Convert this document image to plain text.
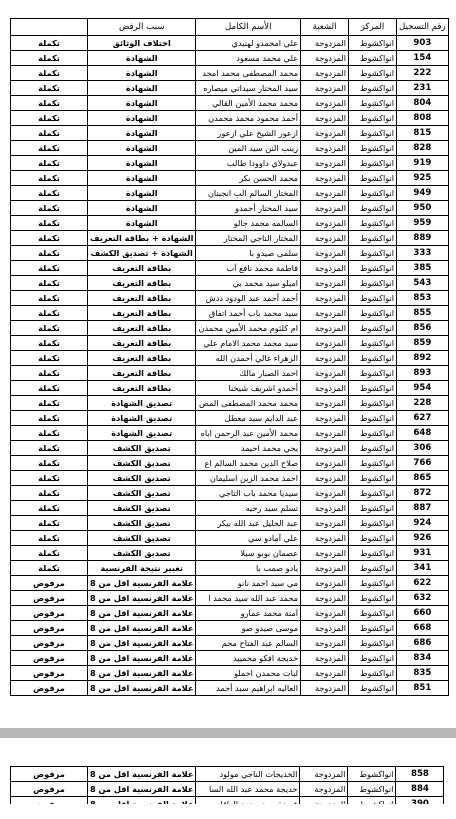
رقم التسجيل	المركز	الشعبة	الأسم الكامل	سبب الرفض	
903	انواكشوط	المزدوجة	علي امحمدو لهنيدي	اختلاف الوثائق	تكملة
154	انواكشوط	المزدوجة	علي محمد مسعود	الشهادة	تكملة
222	انواكشوط	المزدوجة	محمد المصطفى محمد امجد	الشهادة	تكملة
231	انواكشوط	المزدوجة	سيد المختار سيداتي ميصاره	الشهادة	تكملة
804	انواكشوط	المزدوجة	محمد محمد الأمين القالي	الشهادة	تكملة
808	انواكشوط	المزدوجة	أحمد محمود محمد محمدن	الشهادة	تكملة
815	انواكشوط	المزدوجة	ازعور الشيخ علي ازعور	الشهادة	تكملة
828	انواكشوط	المزدوجة	زينب النن سيد المين	الشهادة	تكملة
919	انواكشوط	المزدوجة	عبدولاي داوودا طالب	الشهادة	تكملة
925	انواكشوط	المزدوجة	محمد الحسن بكر	الشهادة	تكملة
949	انواكشوط	المزدوجة	المختار السالم الب انجبنان	الشهادة	تكملة
950	انواكشوط	المزدوجة	سيد المختار أحمدو	الشهادة	تكملة
959	انواكشوط	المزدوجة	السالمه محمد جالو	الشهادة	تكملة
889	انواكشوط	المزدوجة	المختار الناجي المختار	الشهادة + بطاقة التعريف	تكملة
333	انواكشوط	المزدوجة	سلمى صيدو با	الشهادة + تصديق الكشف	تكملة
385	انواكشوط	المزدوجة	فاطمة محمد نافع آب	بطاقة التعريف	تكملة
543	انواكشوط	المزدوجة	اميلو سيد محمد بي	بطاقة التعريف	تكملة
853	انواكشوط	المزدوجة	أحمد أحمد عبد الودود ددش	بطاقة التعريف	تكملة
855	انواكشوط	المزدوجة	سيد محمد باب أحمد اتفاق	بطاقة التعريف	تكملة
856	انواكشوط	المزدوجة	ام كلثوم محمد الأمين محمدن	بطاقة التعريف	تكملة
859	انواكشوط	المزدوجة	سيد محمد محمد الامام علي	بطاقة التعريف	تكملة
892	انواكشوط	المزدوجة	الزهراء غالي أحمدن الله	بطاقة التعريف	تكملة
893	انواكشوط	المزدوجة	احمد الصبار مالك	بطاقة التعريف	تكملة
954	انواكشوط	المزدوجة	أحمدو اشريف شيخنا	بطاقة التعريف	تكملة
228	انواكشوط	المزدوجة	محمد محمد المصطفى المص	تصديق الشهادة	تكملة
627	انواكشوط	المزدوجة	عبد الدايم سيد معطل	تصديق الشهادة	تكملة
648	انواكشوط	المزدوجة	محمد الأمين عبد الرحمن اباه	تصديق الشهادة	تكملة
306	انواكشوط	المزدوجة	يحي محمد احيمد	تصديق الكشف	تكملة
766	انواكشوط	المزدوجة	صلاح الدين محمد السالم اع	تصديق الكشف	تكملة
865	انواكشوط	المزدوجة	احمد محمد الزين اسليمان	تصديق الكشف	تكملة
872	انواكشوط	المزدوجة	سيديا محمد باب التاجي	تصديق الكشف	تكملة
887	انواكشوط	المزدوجة	تسلم سيد رحيه	تصديق الكشف	تكملة
924	انواكشوط	المزدوجة	عبد الجليل عبد الله بيكر	تصديق الكشف	تكملة
926	انواكشوط	المزدوجة	علي آمادو سي	تصديق الكشف	تكملة
931	انواكشوط	المزدوجة	عصمان بوبو سيلا	تصديق الكشف	تكملة
341	انواكشوط	المزدوجة	يادو صمب با	تغيير نتيجة الفرنسية	تكملة
622	انواكشوط	المزدوجة	مي سيد احمد نانو	علامة الفرنسية اقل من 8	مرفوض
632	انواكشوط	المزدوجة	محمد عبد الله سيد محمد ا	علامة الفرنسية اقل من 8	مرفوض
660	انواكشوط	المزدوجة	آمنة محمد عمارو	علامة الفرنسية اقل من 8	مرفوض
668	انواكشوط	المزدوجة	موسى صيدو صو	علامة الفرنسية اقل من 8	مرفوض
686	انواكشوط	المزدوجة	السالم عبد الفتاح محم	علامة الفرنسية اقل من 8	مرفوض
834	انواكشوط	المزدوجة	خديجة افكو محمييد	علامة الفرنسية اقل من 8	مرفوض
835	انواكشوط	المزدوجة	لبات محمدن اجملو	علامة الفرنسية اقل من 8	مرفوض
851	انواكشوط	المزدوجة	العاليه ابراهيم سيد أحمد	علامة الفرنسية اقل من 8	مرفوض
858	انواكشوط	المزدوجة	الخديجات الناجي مولود	علامة الفرنسية اقل من 8	مرفوض
884	انواكشوط	المزدوجة	خديجة محمد عبد الله السا	علامة الفرنسية اقل من 8	مرفوض
